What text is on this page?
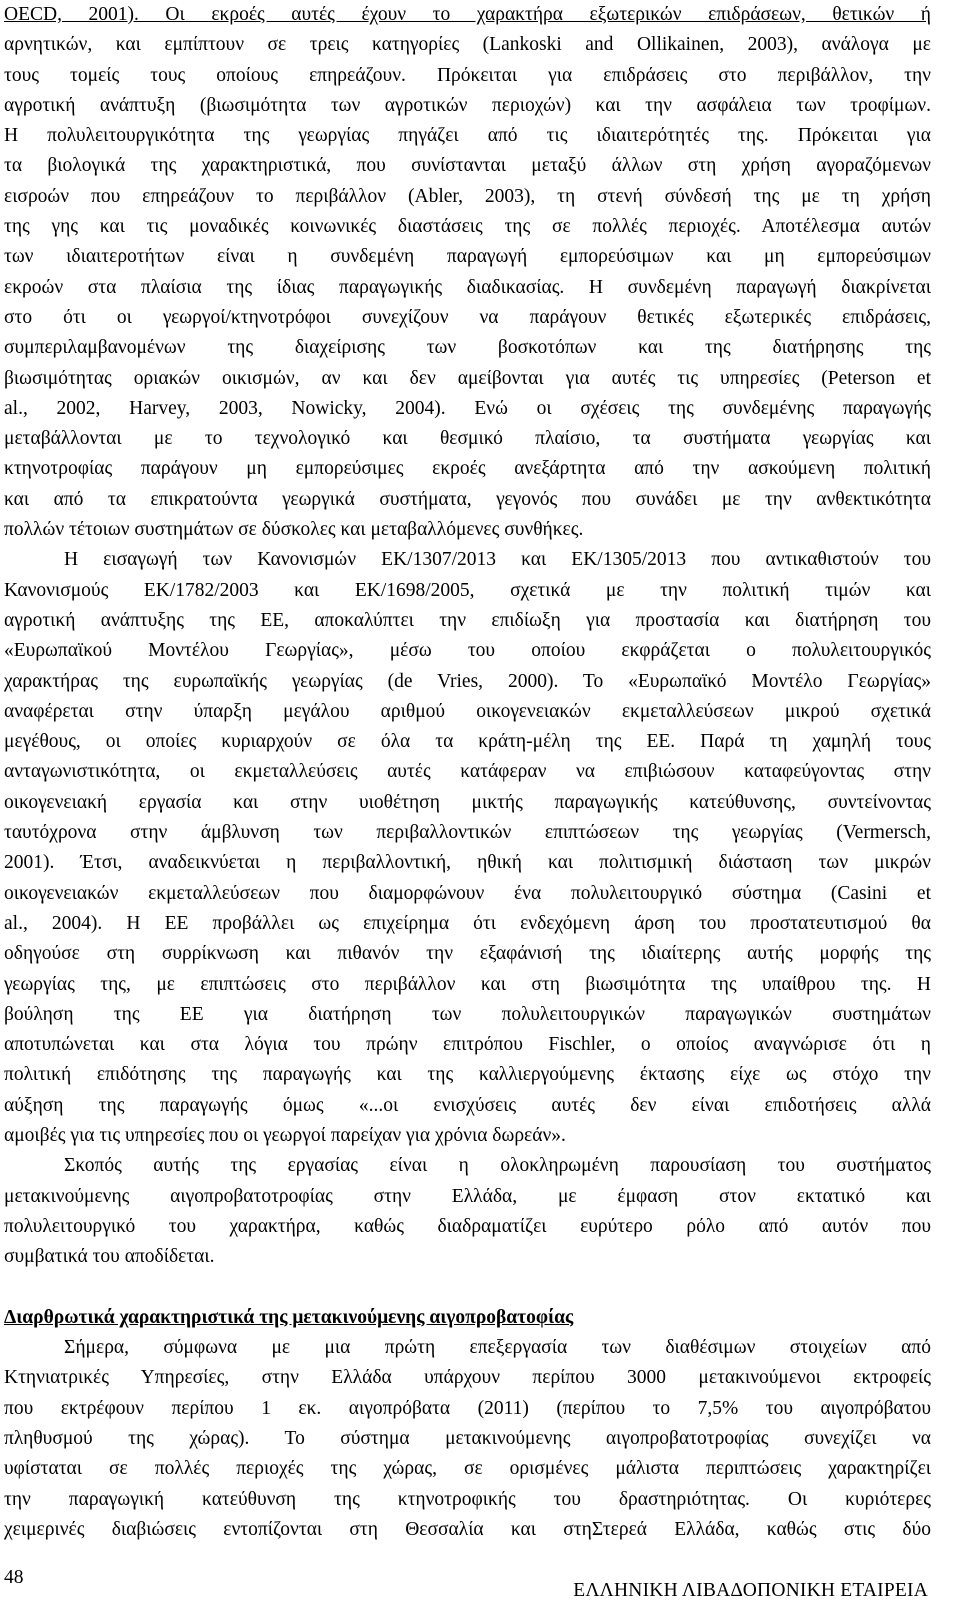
OECD, 2001). Οι εκροές αυτές έχουν το χαρακτήρα εξωτερικών επιδράσεων, θετικών ή
αρνητικών, και εμπίπτουν σε τρεις κατηγορίες (Lankoski and Ollikainen, 2003), ανάλογα με
τους τομείς τους οποίους επηρεάζουν. Πρόκειται για επιδράσεις στο περιβάλλον, την
αγροτική ανάπτυξη (βιωσιμότητα των αγροτικών περιοχών) και την ασφάλεια των τροφίμων.
Η πολυλειτουργικότητα της γεωργίας πηγάζει από τις ιδιαιτερότητές της. Πρόκειται για
τα βιολογικά της χαρακτηριστικά, που συνίστανται μεταξύ άλλων στη χρήση αγοραζόμενων
εισροών που επηρεάζουν το περιβάλλον (Abler, 2003), τη στενή σύνδεσή της με τη χρήση
της γης και τις μοναδικές κοινωνικές διαστάσεις της σε πολλές περιοχές. Αποτέλεσμα αυτών
των ιδιαιτεροτήτων είναι η συνδεμένη παραγωγή εμπορεύσιμων και μη εμπορεύσιμων
εκροών στα πλαίσια της ίδιας παραγωγικής διαδικασίας. Η συνδεμένη παραγωγή διακρίνεται
στο ότι οι γεωργοί/κτηνοτρόφοι συνεχίζουν να παράγουν θετικές εξωτερικές επιδράσεις,
συμπεριλαμβανομένων της διαχείρισης των βοσκοτόπων και της διατήρησης της
βιωσιμότητας οριακών οικισμών, αν και δεν αμείβονται για αυτές τις υπηρεσίες (Peterson et
al., 2002, Harvey, 2003, Nowicky, 2004). Ενώ οι σχέσεις της συνδεμένης παραγωγής
μεταβάλλονται με το τεχνολογικό και θεσμικό πλαίσιο, τα συστήματα γεωργίας και
κτηνοτροφίας παράγουν μη εμπορεύσιμες εκροές ανεξάρτητα από την ασκούμενη πολιτική
και από τα επικρατούντα γεωργικά συστήματα, γεγονός που συνάδει με την ανθεκτικότητα
πολλών τέτοιων συστημάτων σε δύσκολες και μεταβαλλόμενες συνθήκες.
Η εισαγωγή των Κανονισμών ΕΚ/1307/2013 και ΕΚ/1305/2013 που αντικαθιστούν του
Κανονισμούς ΕΚ/1782/2003 και ΕΚ/1698/2005, σχετικά με την πολιτική τιμών και
αγροτική ανάπτυξης της ΕΕ, αποκαλύπτει την επιδίωξη για προστασία και διατήρηση του
«Ευρωπαϊκού Μοντέλου Γεωργίας», μέσω του οποίου εκφράζεται ο πολυλειτουργικός
χαρακτήρας της ευρωπαϊκής γεωργίας (de Vries, 2000). Το «Ευρωπαϊκό Μοντέλο Γεωργίας»
αναφέρεται στην ύπαρξη μεγάλου αριθμού οικογενειακών εκμεταλλεύσεων μικρού σχετικά
μεγέθους, οι οποίες κυριαρχούν σε όλα τα κράτη-μέλη της ΕΕ. Παρά τη χαμηλή τους
ανταγωνιστικότητα, οι εκμεταλλεύσεις αυτές κατάφεραν να επιβιώσουν καταφεύγοντας στην
οικογενειακή εργασία και στην υιοθέτηση μικτής παραγωγικής κατεύθυνσης, συντείνοντας
ταυτόχρονα στην άμβλυνση των περιβαλλοντικών επιπτώσεων της γεωργίας (Vermersch,
2001). Έτσι, αναδεικνύεται η περιβαλλοντική, ηθική και πολιτισμική διάσταση των μικρών
οικογενειακών εκμεταλλεύσεων που διαμορφώνουν ένα πολυλειτουργικό σύστημα (Casini et
al., 2004). Η ΕΕ προβάλλει ως επιχείρημα ότι ενδεχόμενη άρση του προστατευτισμού θα
οδηγούσε στη συρρίκνωση και πιθανόν την εξαφάνισή της ιδιαίτερης αυτής μορφής της
γεωργίας της, με επιπτώσεις στο περιβάλλον και στη βιωσιμότητα της υπαίθρου της. Η
βούληση της ΕΕ για διατήρηση των πολυλειτουργικών παραγωγικών συστημάτων
αποτυπώνεται και στα λόγια του πρώην επιτρόπου Fischler, ο οποίος αναγνώρισε ότι η
πολιτική επιδότησης της παραγωγής και της καλλιεργούμενης έκτασης είχε ως στόχο την
αύξηση της παραγωγής όμως «...οι ενισχύσεις αυτές δεν είναι επιδοτήσεις αλλά
αμοιβές για τις υπηρεσίες που οι γεωργοί παρείχαν για χρόνια δωρεάν».
Σκοπός αυτής της εργασίας είναι η ολοκληρωμένη παρουσίαση του συστήματος
μετακινούμενης αιγοπροβατοτροφίας στην Ελλάδα, με έμφαση στον εκτατικό και
πολυλειτουργικό του χαρακτήρα, καθώς διαδραματίζει ευρύτερο ρόλο από αυτόν που
συμβατικά του αποδίδεται.
Διαρθρωτικά χαρακτηριστικά της μετακινούμενης αιγοπροβατοφίας
Σήμερα, σύμφωνα με μια πρώτη επεξεργασία των διαθέσιμων στοιχείων από
Κτηνιατρικές Υπηρεσίες, στην Ελλάδα υπάρχουν περίπου 3000 μετακινούμενοι εκτροφείς
που εκτρέφουν περίπου 1 εκ. αιγοπρόβατα (2011) (περίπου το 7,5% του αιγοπρόβατου
πληθυσμού της χώρας). Το σύστημα μετακινούμενης αιγοπροβατοτροφίας συνεχίζει να
υφίσταται σε πολλές περιοχές της χώρας, σε ορισμένες μάλιστα περιπτώσεις χαρακτηρίζει
την παραγωγική κατεύθυνση της κτηνοτροφικής του δραστηριότητας. Οι κυριότερες
χειμερινές διαβιώσεις εντοπίζονται στη Θεσσαλία και στηΣτερεά Ελλάδα, καθώς στις δύο
48
ΕΛΛΗΝΙΚΗ ΛΙΒΑΔΟΠΟΝΙΚΗ ΕΤΑΙΡΕΙΑ
